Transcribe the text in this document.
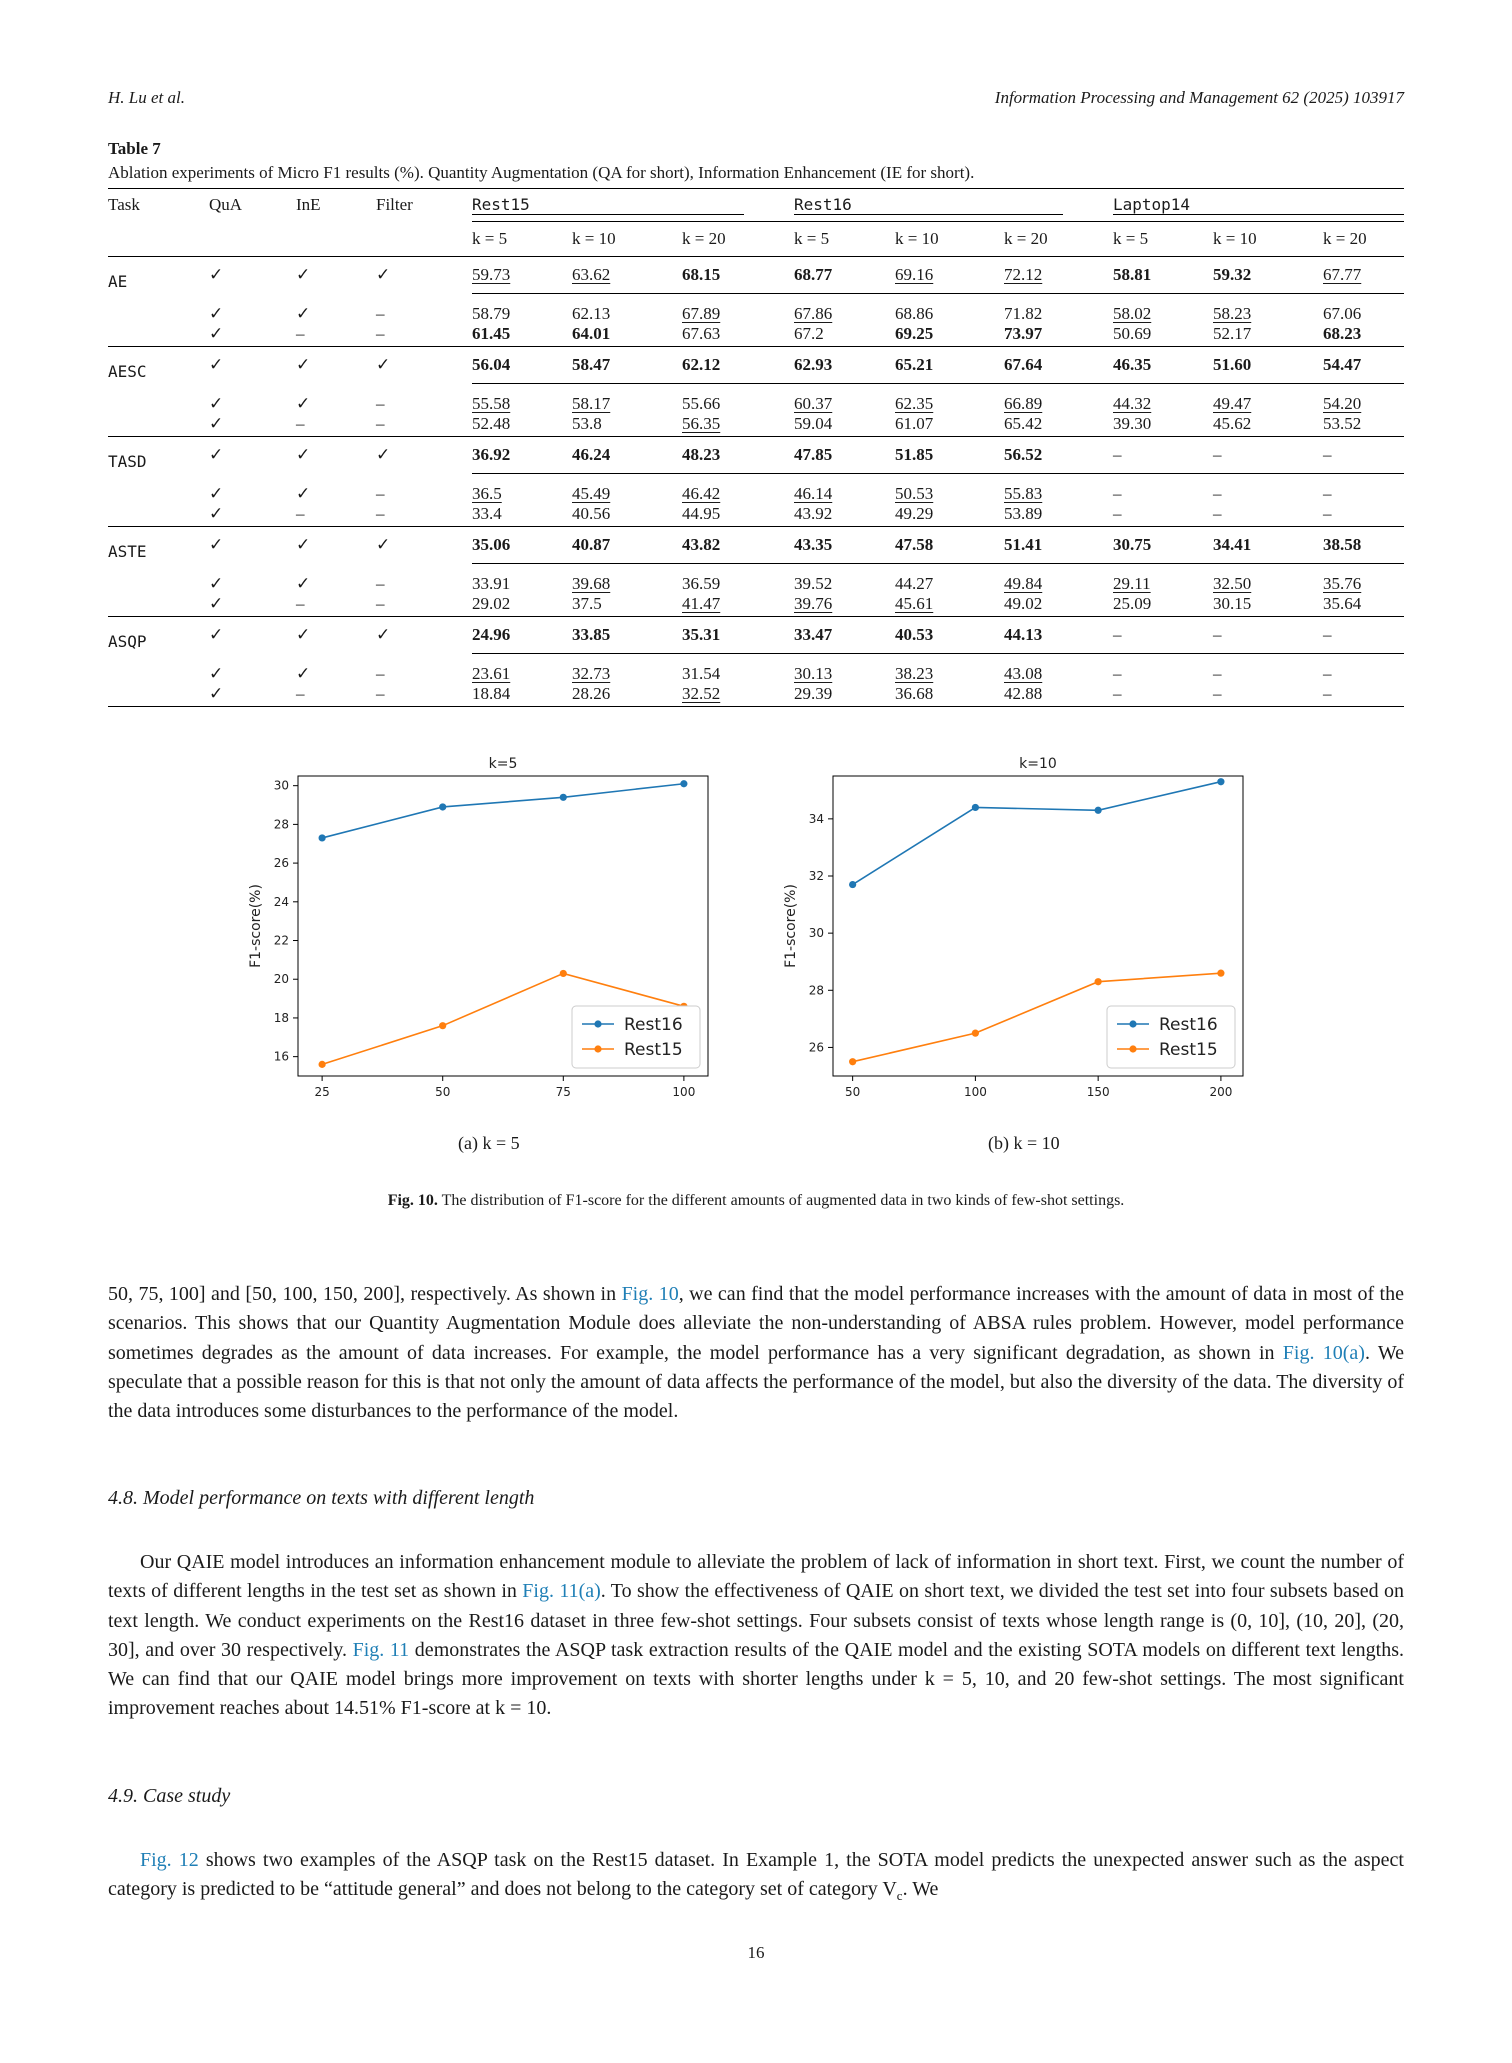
H. Lu et al.	Information Processing and Management 62 (2025) 103917
Table 7
Ablation experiments of Micro F1 results (%). Quantity Augmentation (QA for short), Information Enhancement (IE for short).
Task	QuA	InE	Filter	Rest15			Rest16			Laptop14		

				k = 5	k = 10	k = 20	k = 5	k = 10	k = 20	k = 5	k = 10	k = 20
	✓	✓	✓	59.73	63.62	68.15	68.77	69.16	72.12	58.81	59.32	67.77
AE	✓	✓	–	58.79	62.13	67.89	67.86	68.86	71.82	58.02	58.23	67.06
	✓	–	–	61.45	64.01	67.63	67.2	69.25	73.97	50.69	52.17	68.23
	✓	✓	✓	56.04	58.47	62.12	62.93	65.21	67.64	46.35	51.60	54.47
AESC	✓	✓	–	55.58	58.17	55.66	60.37	62.35	66.89	44.32	49.47	54.20
	✓	–	–	52.48	53.8	56.35	59.04	61.07	65.42	39.30	45.62	53.52
	✓	✓	✓	36.92	46.24	48.23	47.85	51.85	56.52	–	–	–
TASD	✓	✓	–	36.5	45.49	46.42	46.14	50.53	55.83	–	–	–
	✓	–	–	33.4	40.56	44.95	43.92	49.29	53.89	–	–	–
	✓	✓	✓	35.06	40.87	43.82	43.35	47.58	51.41	30.75	34.41	38.58
ASTE	✓	✓	–	33.91	39.68	36.59	39.52	44.27	49.84	29.11	32.50	35.76
	✓	–	–	29.02	37.5	41.47	39.76	45.61	49.02	25.09	30.15	35.64
	✓	✓	✓	24.96	33.85	35.31	33.47	40.53	44.13	–	–	–
ASQP	✓	✓	–	23.61	32.73	31.54	30.13	38.23	43.08	–	–	–
	✓	–	–	18.84	28.26	32.52	29.39	36.68	42.88	–	–	–
k=5
F1-score(%)
25	50	75	100
16
18
20
22
24
26
28
30
Rest16
Rest15
k=10
F1-score(%)
50	100	150	200
26
28
30
32
34
Rest16
Rest15
(a) k = 5	(b) k = 10
Fig. 10. The distribution of F1-score for the different amounts of augmented data in two kinds of few-shot settings.
50, 75, 100] and [50, 100, 150, 200], respectively. As shown in Fig. 10, we can find that the model performance increases with the amount of data in most of the scenarios. This shows that our Quantity Augmentation Module does alleviate the non-understanding of ABSA rules problem. However, model performance sometimes degrades as the amount of data increases. For example, the model performance has a very significant degradation, as shown in Fig. 10(a). We speculate that a possible reason for this is that not only the amount of data affects the performance of the model, but also the diversity of the data. The diversity of the data introduces some disturbances to the performance of the model.
4.8. Model performance on texts with different length
Our QAIE model introduces an information enhancement module to alleviate the problem of lack of information in short text. First, we count the number of texts of different lengths in the test set as shown in Fig. 11(a). To show the effectiveness of QAIE on short text, we divided the test set into four subsets based on text length. We conduct experiments on the Rest16 dataset in three few-shot settings. Four subsets consist of texts whose length range is (0, 10], (10, 20], (20, 30], and over 30 respectively. Fig. 11 demonstrates the ASQP task extraction results of the QAIE model and the existing SOTA models on different text lengths. We can find that our QAIE model brings more improvement on texts with shorter lengths under k = 5, 10, and 20 few-shot settings. The most significant improvement reaches about 14.51% F1-score at k = 10.
4.9. Case study
Fig. 12 shows two examples of the ASQP task on the Rest15 dataset. In Example 1, the SOTA model predicts the unexpected answer such as the aspect category is predicted to be “attitude general” and does not belong to the category set of category $V_c$. We
16
